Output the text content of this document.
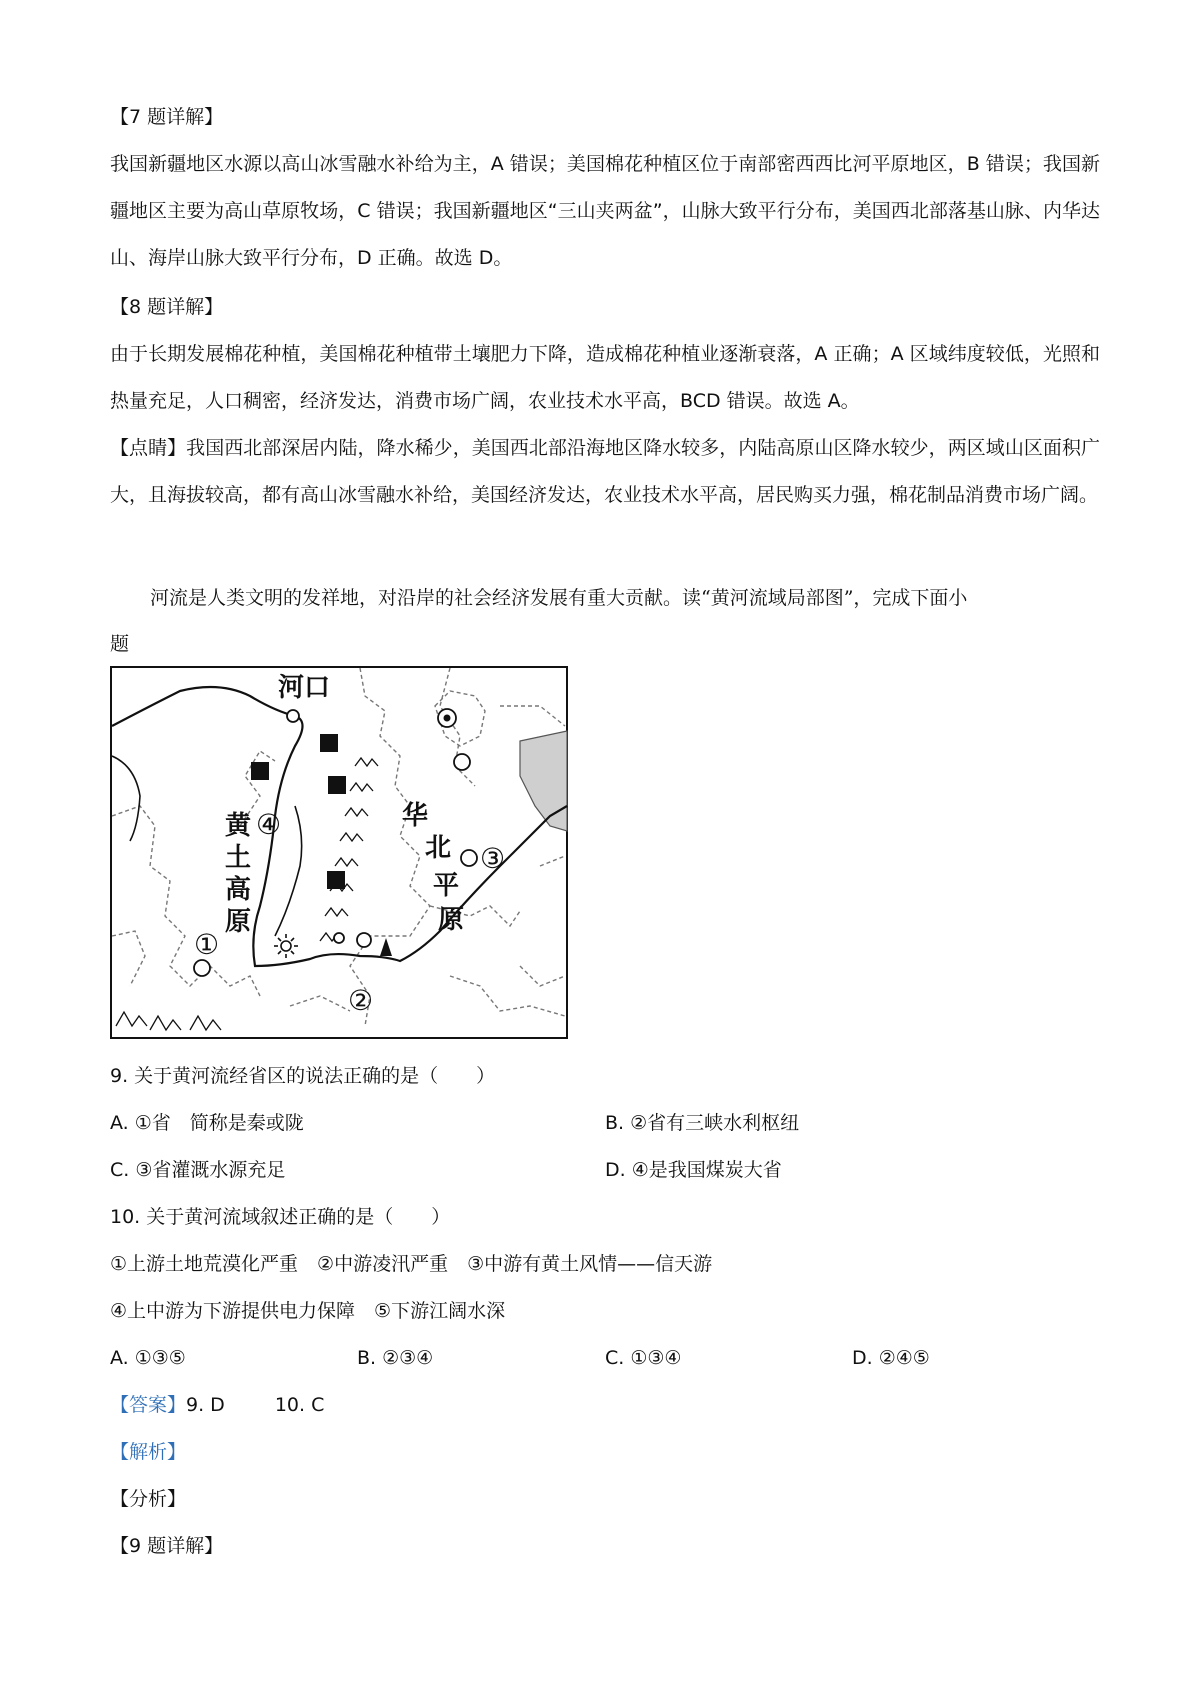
【7 题详解】
我国新疆地区水源以高山冰雪融水补给为主，A 错误；美国棉花种植区位于南部密西西比河平原地区，B 错误；我国新疆地区主要为高山草原牧场，C 错误；我国新疆地区“三山夹两盆”，山脉大致平行分布，美国西北部落基山脉、内华达山、海岸山脉大致平行分布，D 正确。故选 D。
【8 题详解】
由于长期发展棉花种植，美国棉花种植带土壤肥力下降，造成棉花种植业逐渐衰落，A 正确；A 区域纬度较低，光照和热量充足，人口稠密，经济发达，消费市场广阔，农业技术水平高，BCD 错误。故选 A。
【点睛】我国西北部深居内陆，降水稀少，美国西北部沿海地区降水较多，内陆高原山区降水较少，两区域山区面积广大，且海拔较高，都有高山冰雪融水补给，美国经济发达，农业技术水平高，居民购买力强，棉花制品消费市场广阔。
河流是人类文明的发祥地，对沿岸的社会经济发展有重大贡献。读“黄河流域局部图”，完成下面小
题
河口
黄
土
高
原
华
北
平
原
①
②
③
④
9. 关于黄河流经省区的说法正确的是（　　）
A. ①省　简称是秦或陇	B. ②省有三峡水利枢纽
C. ③省灌溉水源充足	D. ④是我国煤炭大省
10. 关于黄河流域叙述正确的是（　　）
①上游土地荒漠化严重　②中游凌汛严重　③中游有黄土风情——信天游
④上中游为下游提供电力保障　⑤下游江阔水深
A. ①③⑤	B. ②③④	C. ①③④	D. ②④⑤
【答案】9. D	10. C
【解析】
【分析】
【9 题详解】
